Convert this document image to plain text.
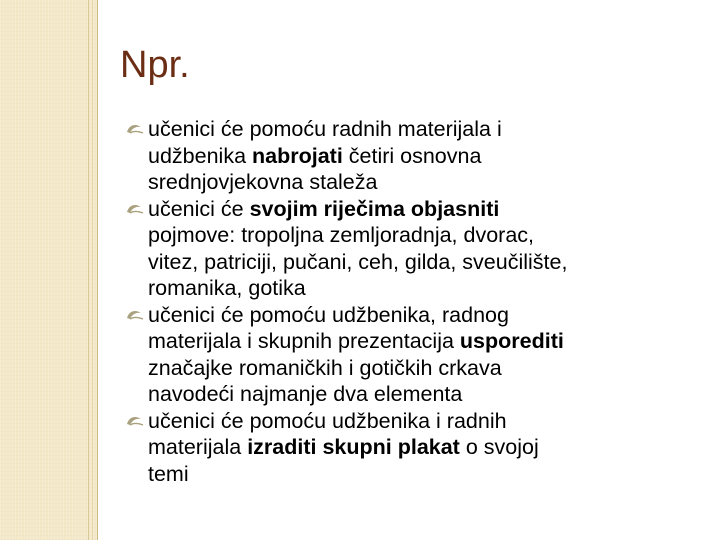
Npr.
učenici će pomoću radnih materijala i
udžbenika nabrojati četiri osnovna
srednjovjekovna staleža
učenici će svojim riječima objasniti
pojmove: tropoljna zemljoradnja, dvorac,
vitez, patriciji, pučani, ceh, gilda, sveučilište,
romanika, gotika
učenici će pomoću udžbenika, radnog
materijala i skupnih prezentacija usporediti
značajke romaničkih i gotičkih crkava
navodeći najmanje dva elementa
učenici će pomoću udžbenika i radnih
materijala izraditi skupni plakat o svojoj
temi
